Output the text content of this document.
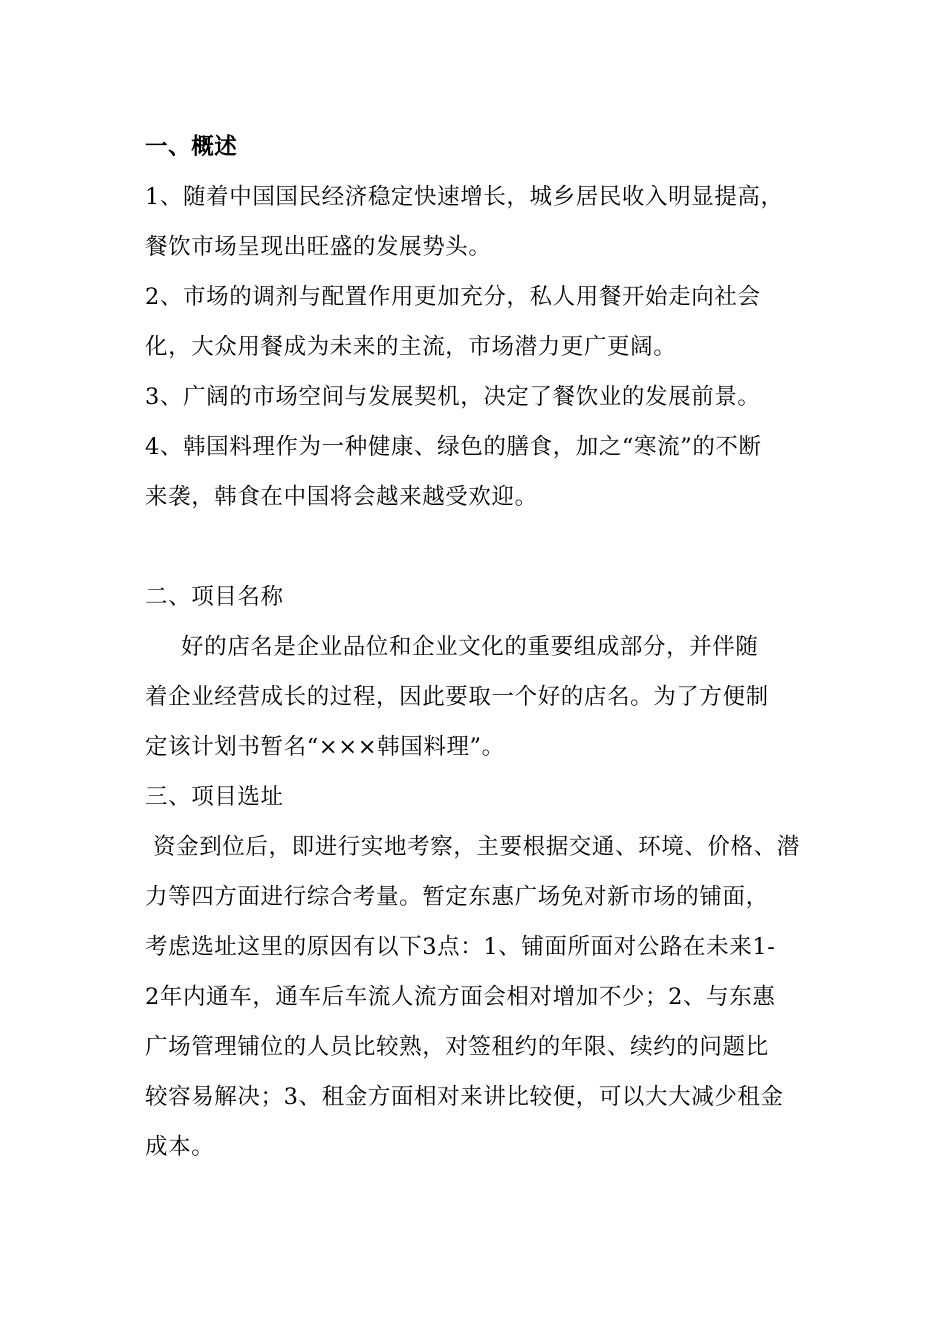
一、概述
1、随着中国国民经济稳定快速增长，城乡居民收入明显提高，
餐饮市场呈现出旺盛的发展势头。
2、市场的调剂与配置作用更加充分，私人用餐开始走向社会
化，大众用餐成为未来的主流，市场潜力更广更阔。
3、广阔的市场空间与发展契机，决定了餐饮业的发展前景。
4、韩国料理作为一种健康、绿色的膳食，加之“寒流”的不断
来袭，韩食在中国将会越来越受欢迎。
二、项目名称
好的店名是企业品位和企业文化的重要组成部分，并伴随
着企业经营成长的过程，因此要取一个好的店名。为了方便制
定该计划书暂名“×××韩国料理”。
三、项目选址
资金到位后，即进行实地考察，主要根据交通、环境、价格、潜
力等四方面进行综合考量。暂定东惠广场免对新市场的铺面，
考虑选址这里的原因有以下3点：1、铺面所面对公路在未来1-
2年内通车，通车后车流人流方面会相对增加不少；2、与东惠
广场管理铺位的人员比较熟，对签租约的年限、续约的问题比
较容易解决；3、租金方面相对来讲比较便，可以大大减少租金
成本。
